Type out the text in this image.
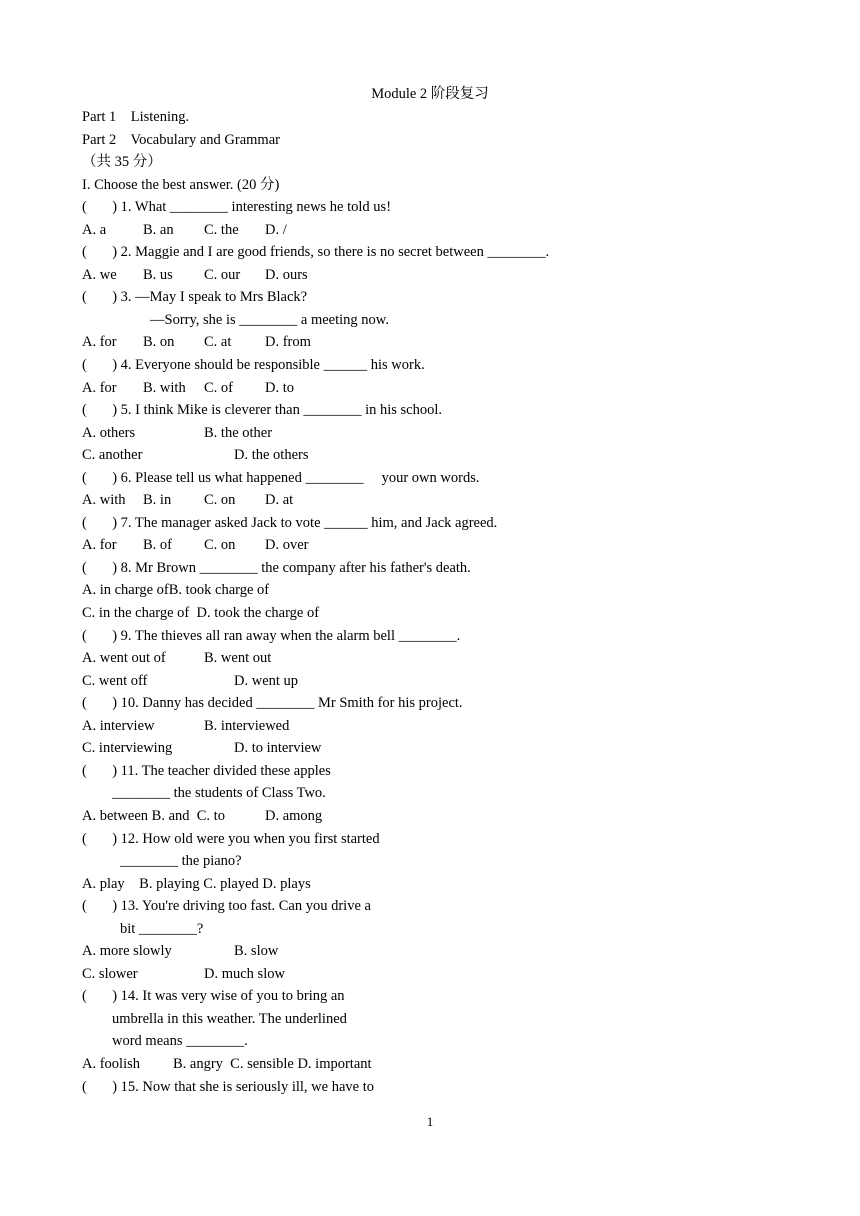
Module 2 阶段复习
Part 1    Listening.
Part 2    Vocabulary and Grammar
（共 35 分）
I. Choose the best answer. (20 分)
(       ) 1. What ________ interesting news he told us!
A. a	B. an C. the D. /
(       ) 2. Maggie and I are good friends, so there is no secret between ________.
A. we B. us C. our D. ours
(       ) 3. —May I speak to Mrs Black?
—Sorry, she is ________ a meeting now.
A. for B. on C. at D. from
(       ) 4. Everyone should be responsible ______ his work.
A. for B. with C. of D. to
(       ) 5. I think Mike is cleverer than ________ in his school.
A. others	B. the other
C. another	D. the others
(       ) 6. Please tell us what happened ________     your own words.
A. with B. in C. on D. at
(       ) 7. The manager asked Jack to vote ______ him, and Jack agreed.
A. for B. of C. on D. over
(       ) 8. Mr Brown ________ the company after his father's death.
A. in charge ofB. took charge of
C. in the charge of  D. took the charge of
(       ) 9. The thieves all ran away when the alarm bell ________.
A. went out of	B. went out
C. went off	D. went up
(       ) 10. Danny has decided ________ Mr Smith for his project.
A. interview	B. interviewed
C. interviewing	D. to interview
(       ) 11. The teacher divided these apples
________ the students of Class Two.
A. between B. and  C. to	D. among
(       ) 12. How old were you when you first started
________ the piano?
A. play    B. playing C. played D. plays
(       ) 13. You're driving too fast. Can you drive a
bit ________?
A. more slowly	B. slow
C. slower	D. much slow
(       ) 14. It was very wise of you to bring an
umbrella in this weather. The underlined
word means ________.
A. foolish B. angry  C. sensible D. important
(       ) 15. Now that she is seriously ill, we have to
1
